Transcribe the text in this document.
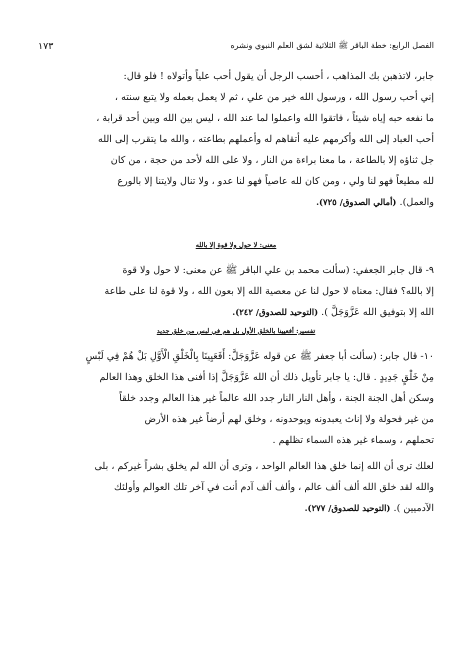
الفصل الرابع: خطة الباقر ﷺ الثلاثية لشق العلم النبوي ونشره
١٧٣
جابر، لاتذهبن بك المذاهب ، أحسب الرجل أن يقول أحب علياً وأتولاه ! فلو قال:
إني أحب رسول الله ، ورسول الله خير من علي ، ثم لا يعمل بعمله ولا يتبع سنته ،
ما نفعه حبه إياه شيئاً ، فاتقوا الله واعملوا لما عند الله ، ليس بين الله وبين أحد قرابة ،
أحب العباد إلى الله وأكرمهم عليه أتقاهم له وأعملهم بطاعته ، والله ما يتقرب إلى الله
جل ثناؤه إلا بالطاعة ، ما معنا براءة من النار ، ولا على الله لأحد من حجة ، من كان
لله مطيعاً فهو لنا ولي ، ومن كان لله عاصياً فهو لنا عدو ، ولا تنال ولايتنا إلا بالورع
والعمل). (أمالي الصدوق/ ٧٢٥).
معنى: لا حول ولا قوة إلا بالله
٩- قال جابر الجعفي: (سألت محمد بن علي الباقر ﷺ عن معنى: لا حول ولا قوة
إلا بالله؟ فقال: معناه لا حول لنا عن معصية الله إلا بعون الله ، ولا قوة لنا على طاعة
الله إلا بتوفيق الله عَزَّوَجَلَّ ). (التوحيد للصدوق/ ٢٤٢).
تفسير: أفعيينا بالخلق الأول بل هم في لبس من خلق جديد
١٠- قال جابر: (سألت أبا جعفر ﷺ عن قوله عَزَّوَجَلَّ: أَفَعَيِينَا بِالْخَلْقِ الْأَوَّلِ بَلْ هُمْ فِي لَبْسٍ
مِنْ خَلْقٍ جَدِيدٍ . قال: يا جابر تأويل ذلك أن الله عَزَّوَجَلَّ إذا أفنى هذا الخلق وهذا العالم
وسكن أهل الجنة الجنة ، وأهل النار النار جدد الله عالماً غير هذا العالم وجدد خلقاً
من غير فحولة ولا إناث يعبدونه ويوحدونه ، وخلق لهم أرضاً غير هذه الأرض
تحملهم ، وسماء غير هذه السماء تظلهم .
لعلك ترى أن الله إنما خلق هذا العالم الواحد ، وترى أن الله لم يخلق بشراً غيركم ، بلى
والله لقد خلق الله ألف ألف عالم ، وألف ألف آدم أنت في آخر تلك العوالم وأولئك
الآدميين ). (التوحيد للصدوق/ ٢٧٧).
